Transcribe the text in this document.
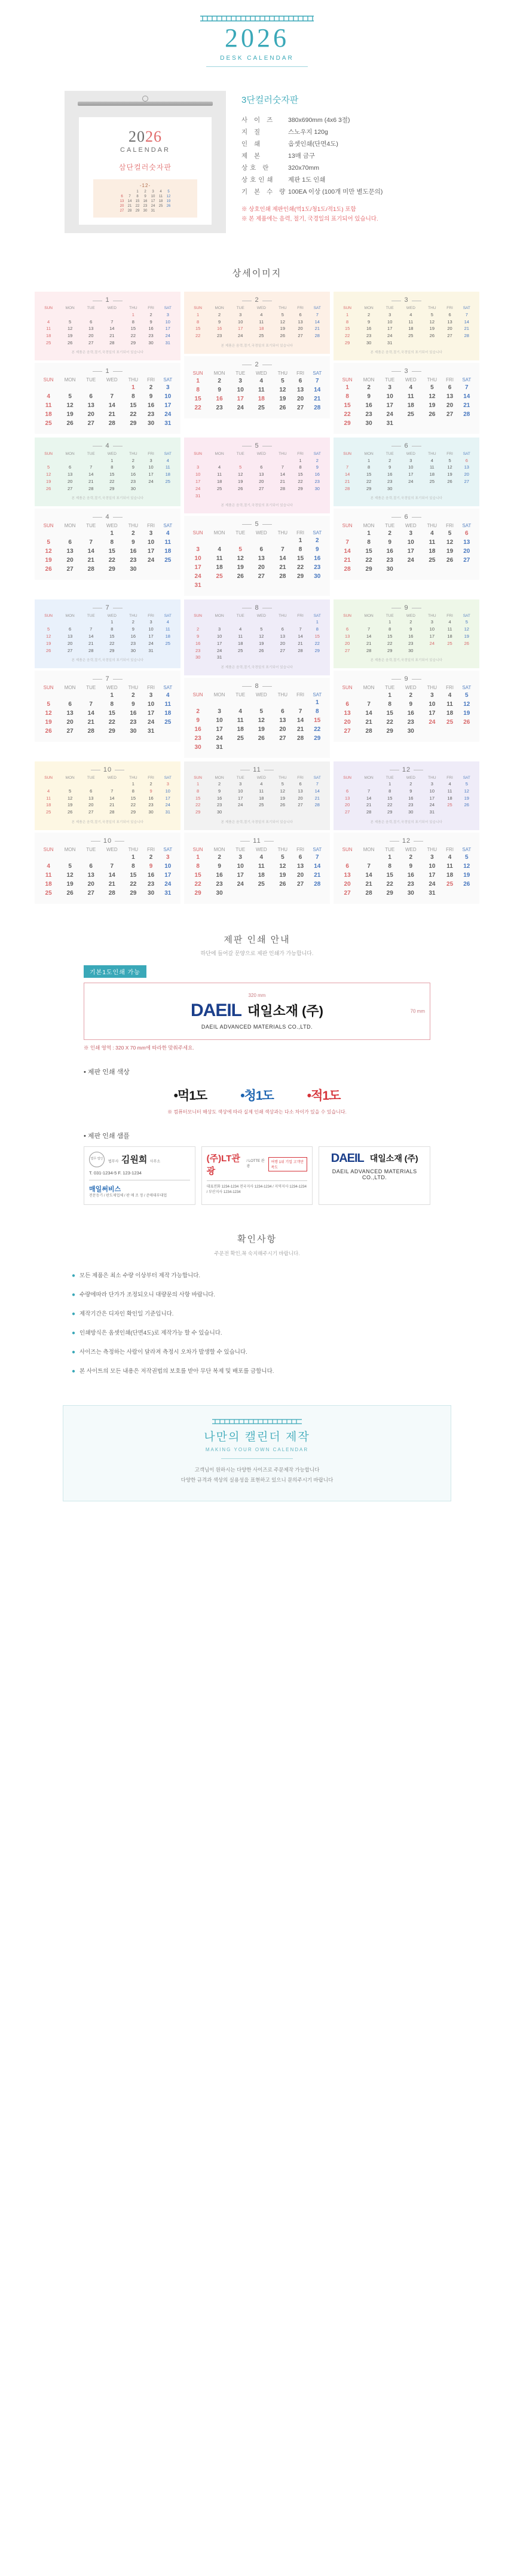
2026
DESK CALENDAR
2026
CALENDAR
삼단컬러숫자판
-12-
		1	2	3	4	5
6	7	8	9	10	11	12
13	14	15	16	17	18	19
20	21	22	23	24	25	26
27	28	29	30	31		
3단컬러숫자판
사 이 즈	380x690mm (4x6 3절)
지 질	스노우지 120g
인 쇄	옵셋인쇄(단면4도)
제 본	13매 금구
상호 란	320x70mm
상호인쇄	제판 1도 인쇄
기 본 수 량 100EA 이상 (100개 미만 별도문의)
※ 상호인쇄 제판인쇄(먹1도/청1도/적1도) 포함
※ 본 제품에는 음력, 절기, 국경일의 표기되어 있습니다.
상세이미지
1
SUN	MON	TUE	WED	THU	FRI	SAT
				1	2	3
4	5	6	7	8	9	10
11	12	13	14	15	16	17
18	19	20	21	22	23	24
25	26	27	28	29	30	31
본 제품은 음력,절기,국경일의 표기되어 있습니다
1
SUN	MON	TUE	WED	THU	FRI	SAT
				1	2	3
4	5	6	7	8	9	10
11	12	13	14	15	16	17
18	19	20	21	22	23	24
25	26	27	28	29	30	31
2
SUN	MON	TUE	WED	THU	FRI	SAT
1	2	3	4	5	6	7
8	9	10	11	12	13	14
15	16	17	18	19	20	21
22	23	24	25	26	27	28
본 제품은 음력,절기,국경일의 표기되어 있습니다
2
SUN	MON	TUE	WED	THU	FRI	SAT
1	2	3	4	5	6	7
8	9	10	11	12	13	14
15	16	17	18	19	20	21
22	23	24	25	26	27	28
3
SUN	MON	TUE	WED	THU	FRI	SAT
1	2	3	4	5	6	7
8	9	10	11	12	13	14
15	16	17	18	19	20	21
22	23	24	25	26	27	28
29	30	31				
본 제품은 음력,절기,국경일의 표기되어 있습니다
3
SUN	MON	TUE	WED	THU	FRI	SAT
1	2	3	4	5	6	7
8	9	10	11	12	13	14
15	16	17	18	19	20	21
22	23	24	25	26	27	28
29	30	31				
4
SUN	MON	TUE	WED	THU	FRI	SAT
			1	2	3	4
5	6	7	8	9	10	11
12	13	14	15	16	17	18
19	20	21	22	23	24	25
26	27	28	29	30		
본 제품은 음력,절기,국경일의 표기되어 있습니다
4
SUN	MON	TUE	WED	THU	FRI	SAT
			1	2	3	4
5	6	7	8	9	10	11
12	13	14	15	16	17	18
19	20	21	22	23	24	25
26	27	28	29	30		
5
SUN	MON	TUE	WED	THU	FRI	SAT
					1	2
3	4	5	6	7	8	9
10	11	12	13	14	15	16
17	18	19	20	21	22	23
24	25	26	27	28	29	30
31						
본 제품은 음력,절기,국경일의 표기되어 있습니다
5
SUN	MON	TUE	WED	THU	FRI	SAT
					1	2
3	4	5	6	7	8	9
10	11	12	13	14	15	16
17	18	19	20	21	22	23
24	25	26	27	28	29	30
31						
6
SUN	MON	TUE	WED	THU	FRI	SAT
	1	2	3	4	5	6
7	8	9	10	11	12	13
14	15	16	17	18	19	20
21	22	23	24	25	26	27
28	29	30				
본 제품은 음력,절기,국경일의 표기되어 있습니다
6
SUN	MON	TUE	WED	THU	FRI	SAT
	1	2	3	4	5	6
7	8	9	10	11	12	13
14	15	16	17	18	19	20
21	22	23	24	25	26	27
28	29	30				
7
SUN	MON	TUE	WED	THU	FRI	SAT
			1	2	3	4
5	6	7	8	9	10	11
12	13	14	15	16	17	18
19	20	21	22	23	24	25
26	27	28	29	30	31	
본 제품은 음력,절기,국경일의 표기되어 있습니다
7
SUN	MON	TUE	WED	THU	FRI	SAT
			1	2	3	4
5	6	7	8	9	10	11
12	13	14	15	16	17	18
19	20	21	22	23	24	25
26	27	28	29	30	31	
8
SUN	MON	TUE	WED	THU	FRI	SAT
						1
2	3	4	5	6	7	8
9	10	11	12	13	14	15
16	17	18	19	20	21	22
23	24	25	26	27	28	29
30	31					
본 제품은 음력,절기,국경일의 표기되어 있습니다
8
SUN	MON	TUE	WED	THU	FRI	SAT
						1
2	3	4	5	6	7	8
9	10	11	12	13	14	15
16	17	18	19	20	21	22
23	24	25	26	27	28	29
30	31					
9
SUN	MON	TUE	WED	THU	FRI	SAT
		1	2	3	4	5
6	7	8	9	10	11	12
13	14	15	16	17	18	19
20	21	22	23	24	25	26
27	28	29	30			
본 제품은 음력,절기,국경일의 표기되어 있습니다
9
SUN	MON	TUE	WED	THU	FRI	SAT
		1	2	3	4	5
6	7	8	9	10	11	12
13	14	15	16	17	18	19
20	21	22	23	24	25	26
27	28	29	30			
10
SUN	MON	TUE	WED	THU	FRI	SAT
				1	2	3
4	5	6	7	8	9	10
11	12	13	14	15	16	17
18	19	20	21	22	23	24
25	26	27	28	29	30	31
본 제품은 음력,절기,국경일의 표기되어 있습니다
10
SUN	MON	TUE	WED	THU	FRI	SAT
				1	2	3
4	5	6	7	8	9	10
11	12	13	14	15	16	17
18	19	20	21	22	23	24
25	26	27	28	29	30	31
11
SUN	MON	TUE	WED	THU	FRI	SAT
1	2	3	4	5	6	7
8	9	10	11	12	13	14
15	16	17	18	19	20	21
22	23	24	25	26	27	28
29	30					
본 제품은 음력,절기,국경일의 표기되어 있습니다
11
SUN	MON	TUE	WED	THU	FRI	SAT
1	2	3	4	5	6	7
8	9	10	11	12	13	14
15	16	17	18	19	20	21
22	23	24	25	26	27	28
29	30					
12
SUN	MON	TUE	WED	THU	FRI	SAT
		1	2	3	4	5
6	7	8	9	10	11	12
13	14	15	16	17	18	19
20	21	22	23	24	25	26
27	28	29	30	31		
본 제품은 음력,절기,국경일의 표기되어 있습니다
12
SUN	MON	TUE	WED	THU	FRI	SAT
		1	2	3	4	5
6	7	8	9	10	11	12
13	14	15	16	17	18	19
20	21	22	23	24	25	26
27	28	29	30	31		
제판 인쇄 안내
하단에 들어갈 문양으로 제판 인쇄가 가능합니다.
기본1도인쇄 가능
320 mm
70 mm
DAEIL 대일소재 (주)
DAEIL ADVANCED MATERIALS CO.,LTD.
※ 인쇄 영역 : 320 X 70 mm에 따라한 맞춰주세요.
• 제판 인쇄 색상
•먹1도	•청1도	•적1도
※ 컴퓨터모니터 해상도 색상에 따라 실제 인쇄 색상과는 다소 차이가 있을 수 있습니다.
• 제판 인쇄 샘플
법무 법인
법무사 김원희 사무소
T. 031-1234-5 F. 123-1234
매일써비스
전문등기 / 판도제업체 / 판 매 조 정 / 준매대부대업
(주)LT관광
/ LOTTE 관광
여행 1위 기업 고객만족도
대표전화 1234-1234 전국지사 1234-1234 / 지역지사 1234-1234 / 부산지사 1234-1234
DAEIL 대일소재 (주)
DAEIL ADVANCED MATERIALS CO.,LTD.
확인사항
주문전 확인,꼭 숙지해주시기 바랍니다.
● 모든 제품은 최소 수량 이상부터 제작 가능합니다.
● 수량에따라 단가가 조정되오니 대량문의 사항 바랍니다.
● 제작기간은 디자인 확인일 기준입니다.
● 인쇄방식은 옵셋인쇄(단면4도)로 제작가능 할 수 있습니다.
● 사이즈는 측정하는 사람이 달라져 측정시 오차가 발생할 수 있습니다.
● 본 사이트의 모든 내용은 저작권법의 보호를 받아 무단 복제 및 배포를 금합니다.
나만의 캘린더 제작
MAKING YOUR OWN CALENDAR
고객님이 원하시는 다양한 사이즈로 주문제작 가능합니다
다양한 규격과 색상의 실용성을 표현하고 있으니 문의주시기 바랍니다
